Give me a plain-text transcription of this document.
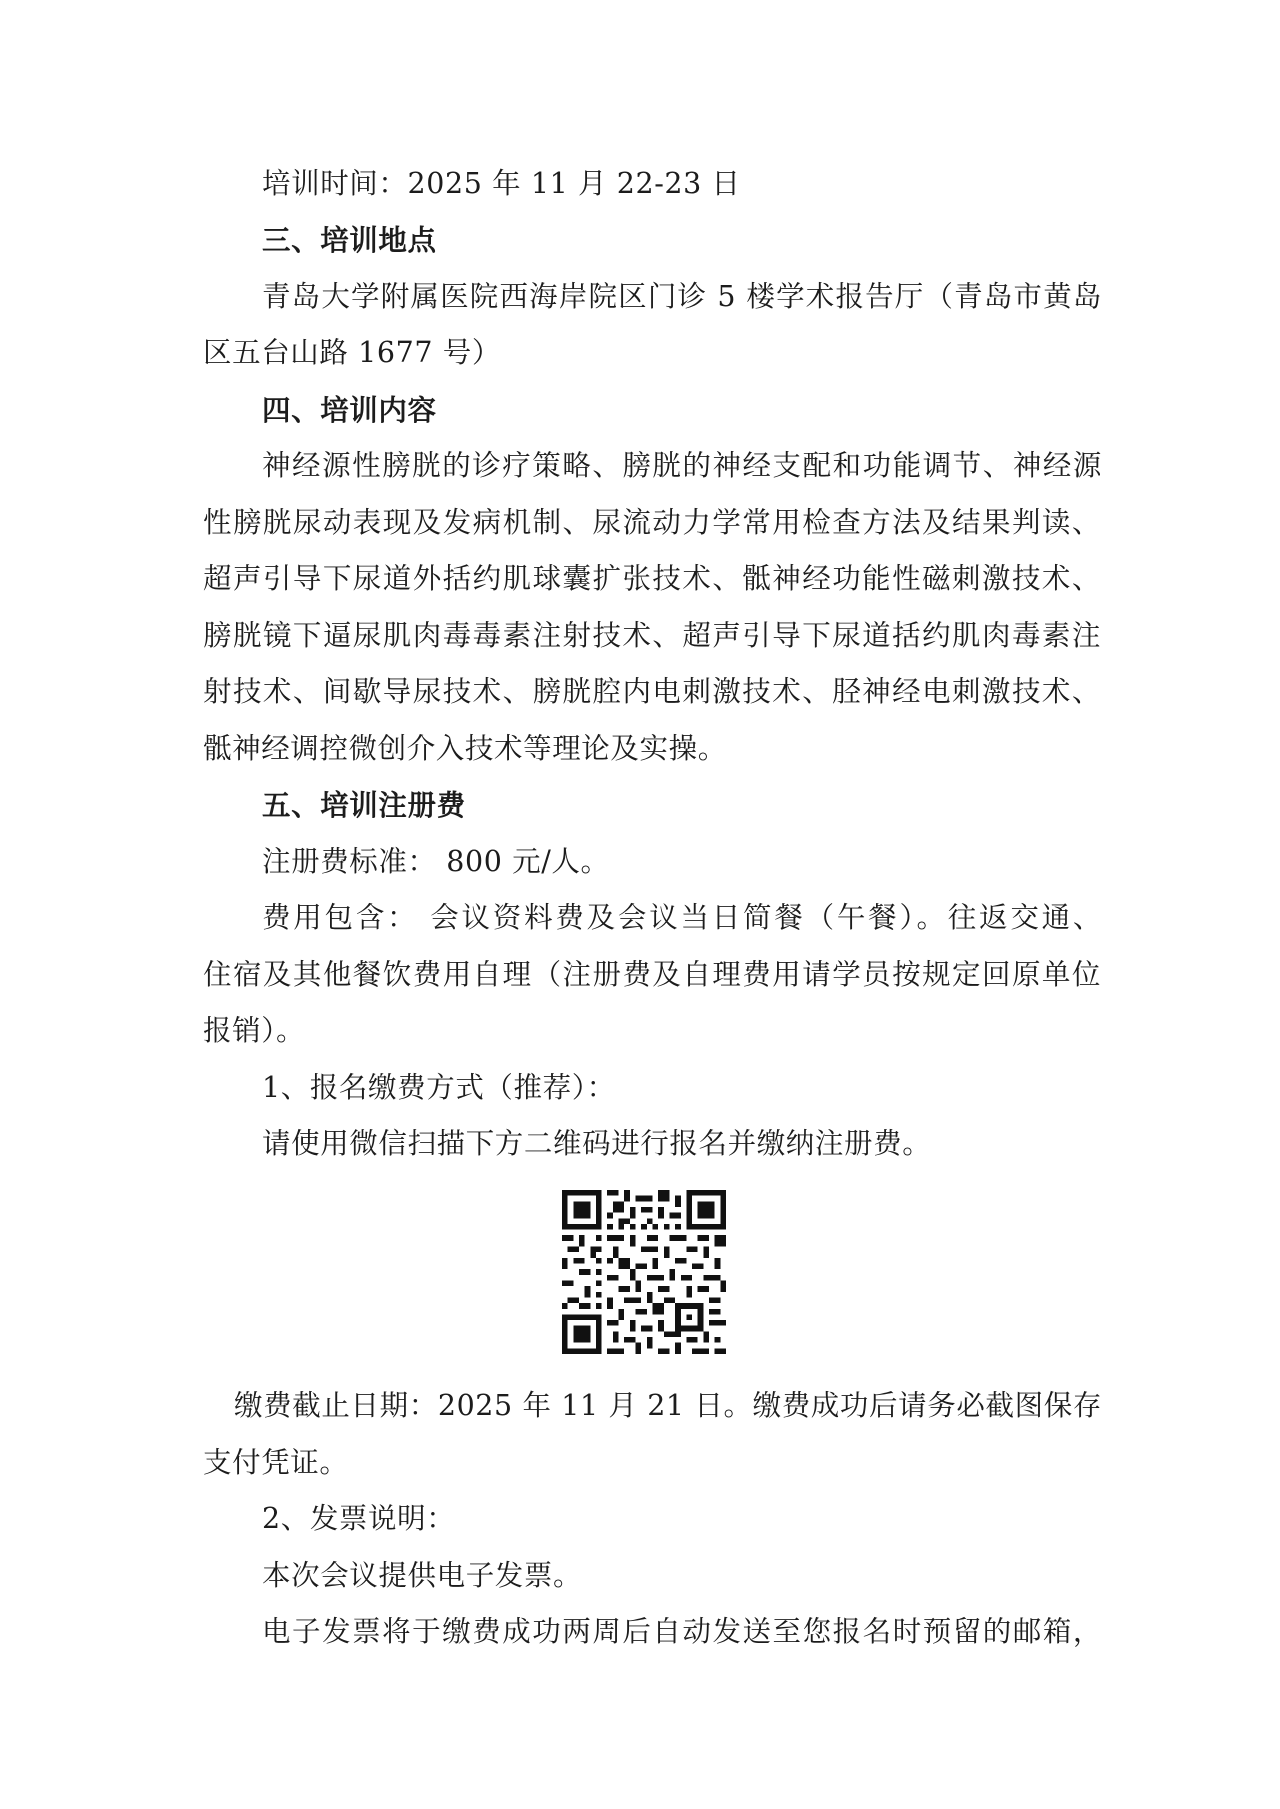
培训时间：2025 年 11 月 22-23 日

三、培训地点

青岛大学附属医院西海岸院区门诊 5 楼学术报告厅（青岛市黄岛

区五台山路 1677 号）

四、培训内容

神经源性膀胱的诊疗策略、膀胱的神经支配和功能调节、神经源

性膀胱尿动表现及发病机制、尿流动力学常用检查方法及结果判读、

超声引导下尿道外括约肌球囊扩张技术、骶神经功能性磁刺激技术、

膀胱镜下逼尿肌肉毒毒素注射技术、超声引导下尿道括约肌肉毒素注

射技术、间歇导尿技术、膀胱腔内电刺激技术、胫神经电刺激技术、

骶神经调控微创介入技术等理论及实操。

五、培训注册费

注册费标准： 800 元/人。

费用包含： 会议资料费及会议当日简餐（午餐）。往返交通、

住宿及其他餐饮费用自理（注册费及自理费用请学员按规定回原单位

报销）。

1、报名缴费方式（推荐）：

请使用微信扫描下方二维码进行报名并缴纳注册费。

缴费截止日期：2025 年 11 月 21 日。缴费成功后请务必截图保存

支付凭证。

2、发票说明：

本次会议提供电子发票。

电子发票将于缴费成功两周后自动发送至您报名时预留的邮箱，
